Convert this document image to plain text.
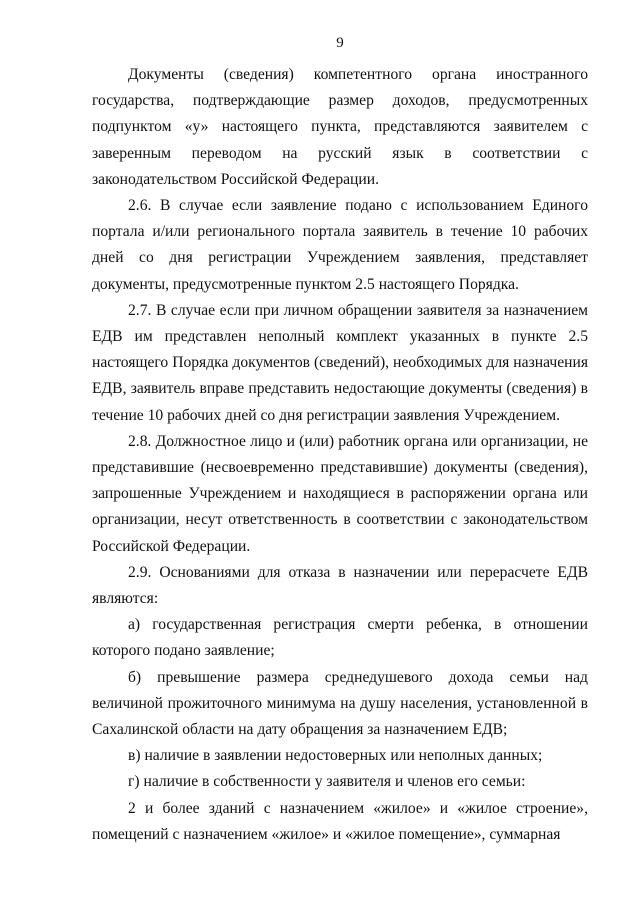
9

Документы (сведения) компетентного органа иностранного государства, подтверждающие размер доходов, предусмотренных подпунктом «у» настоящего пункта, представляются заявителем с заверенным переводом на русский язык в соответствии с законодательством Российской Федерации.

2.6. В случае если заявление подано с использованием Единого портала и/или регионального портала заявитель в течение 10 рабочих дней со дня регистрации Учреждением заявления, представляет документы, предусмотренные пунктом 2.5 настоящего Порядка.

2.7. В случае если при личном обращении заявителя за назначением ЕДВ им представлен неполный комплект указанных в пункте 2.5 настоящего Порядка документов (сведений), необходимых для назначения ЕДВ, заявитель вправе представить недостающие документы (сведения) в течение 10 рабочих дней со дня регистрации заявления Учреждением.

2.8. Должностное лицо и (или) работник органа или организации, не представившие (несвоевременно представившие) документы (сведения), запрошенные Учреждением и находящиеся в распоряжении органа или организации, несут ответственность в соответствии с законодательством Российской Федерации.

2.9. Основаниями для отказа в назначении или перерасчете ЕДВ являются:

а) государственная регистрация смерти ребенка, в отношении которого подано заявление;

б) превышение размера среднедушевого дохода семьи над величиной прожиточного минимума на душу населения, установленной в Сахалинской области на дату обращения за назначением ЕДВ;

в) наличие в заявлении недостоверных или неполных данных;

г) наличие в собственности у заявителя и членов его семьи:

2 и более зданий с назначением «жилое» и «жилое строение», помещений с назначением «жилое» и «жилое помещение», суммарная
